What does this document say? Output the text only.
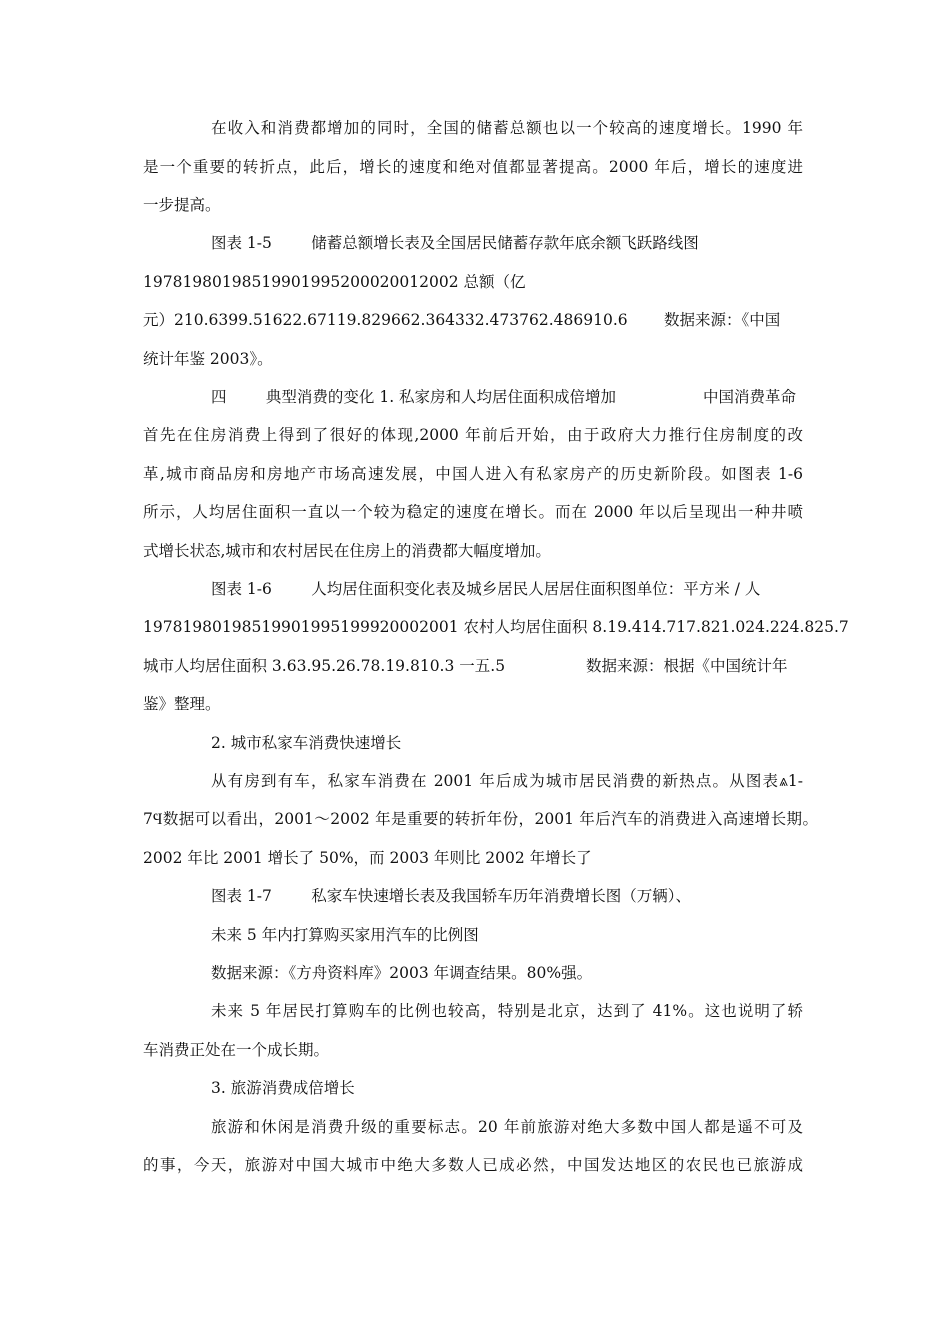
在收入和消费都增加的同时，全国的储蓄总额也以一个较高的速度增长。1990 年
是一个重要的转折点，此后，增长的速度和绝对值都显著提高。2000 年后，增长的速度进
一步提高。
图表 1-5        储蓄总额增长表及全国居民储蓄存款年底余额飞跃路线图
19781980198519901995200020012002 总额（亿
元）210.6399.51622.67119.829662.364332.473762.486910.6 数据来源：《中国
统计年鉴 2003》。
四        典型消费的变化 1. 私家房和人均居住面积成倍增加	中国消费革命
首先在住房消费上得到了很好的体现,2000 年前后开始，由于政府大力推行住房制度的改
革,城市商品房和房地产市场高速发展，中国人进入有私家房产的历史新阶段。如图表 1-6
所示，人均居住面积一直以一个较为稳定的速度在增长。而在 2000 年以后呈现出一种井喷
式增长状态,城市和农村居民在住房上的消费都大幅度增加。
图表 1-6        人均居住面积变化表及城乡居民人居居住面积图单位：平方米 / 人
19781980198519901995199920002001 农村人均居住面积 8.19.414.717.821.024.224.825.7
城市人均居住面积 3.63.95.26.78.19.810.3 一五.5	数据来源：根据《中国统计年
鉴》整理。
2. 城市私家车消费快速增长
从有房到有车，私家车消费在 2001 年后成为城市居民消费的新热点。从图表⩓1-
7Ϥ数据可以看出，2001～2002 年是重要的转折年份，2001 年后汽车的消费进入高速增长期。
2002 年比 2001 增长了 50%，而 2003 年则比 2002 年增长了
图表 1-7        私家车快速增长表及我国轿车历年消费增长图（万辆）、
未来 5 年内打算购买家用汽车的比例图
数据来源：《方舟资料库》2003 年调查结果。80%强。
未来 5 年居民打算购车的比例也较高，特别是北京，达到了 41%。这也说明了轿
车消费正处在一个成长期。
3. 旅游消费成倍增长
旅游和休闲是消费升级的重要标志。20 年前旅游对绝大多数中国人都是遥不可及
的事，今天，旅游对中国大城市中绝大多数人已成必然，中国发达地区的农民也已旅游成
